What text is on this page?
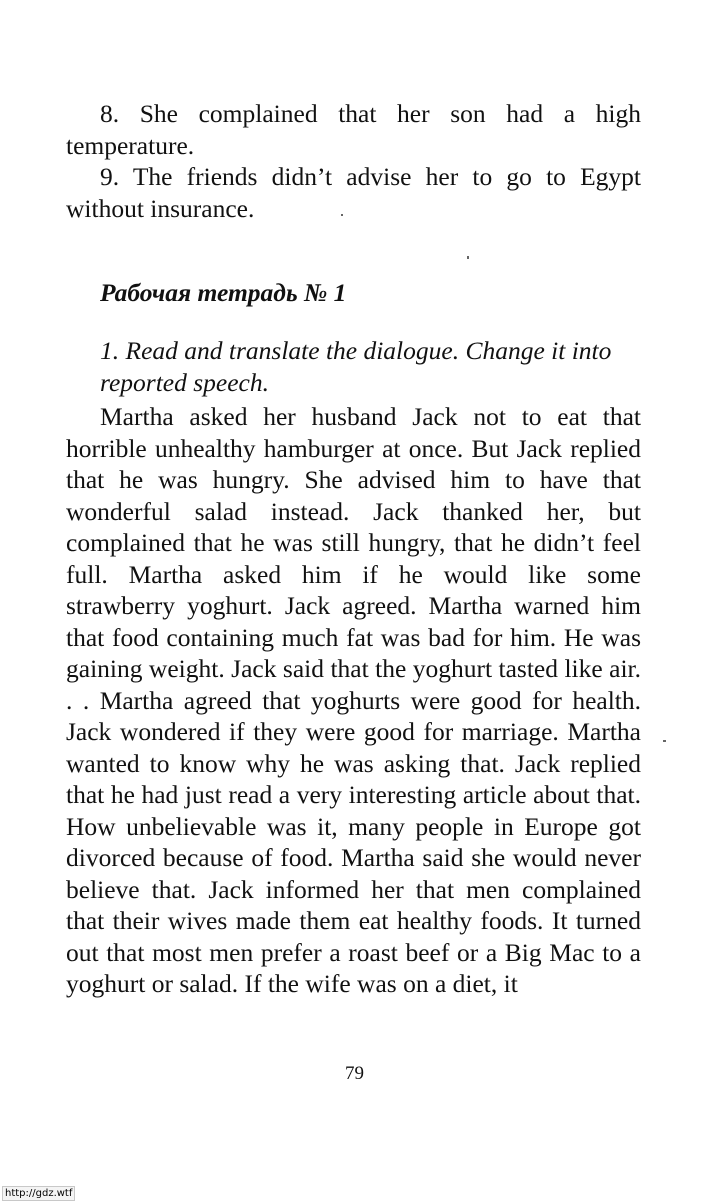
8. She complained that her son had a high temperature.

9. The friends didn’t advise her to go to Egypt without insurance.

Рабочая тетрадь № 1

1. Read and translate the dialogue. Change it into reported speech.

Martha asked her husband Jack not to eat that horrible unhealthy hamburger at once. But Jack replied that he was hungry. She advised him to have that wonderful salad instead. Jack thanked her, but complained that he was still hungry, that he didn’t feel full. Martha asked him if he would like some strawberry yoghurt. Jack agreed. Martha warned him that food containing much fat was bad for him. He was gaining weight. Jack said that the yoghurt tasted like air. . . Martha agreed that yoghurts were good for health. Jack wondered if they were good for marriage. Martha wanted to know why he was asking that. Jack replied that he had just read a very interesting article about that. How unbelievable was it, many people in Europe got divorced because of food. Martha said she would never believe that. Jack informed her that men complained that their wives made them eat healthy foods. It turned out that most men prefer a roast beef or a Big Mac to a yoghurt or salad. If the wife was on a diet, it

79
http://gdz.wtf
